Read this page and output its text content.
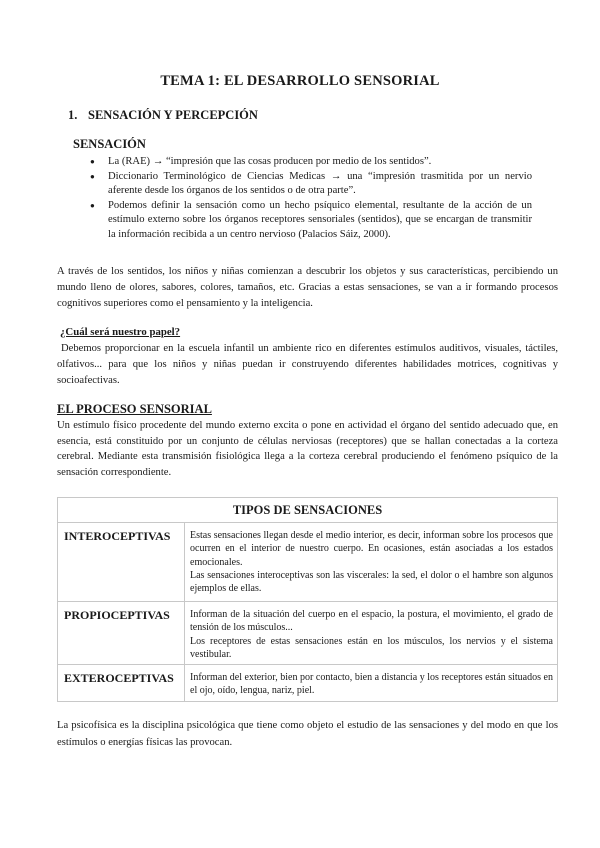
TEMA 1: EL DESARROLLO SENSORIAL
1. SENSACIÓN Y PERCEPCIÓN
SENSACIÓN
● La (RAE) → “impresión que las cosas producen por medio de los sentidos”.
● Diccionario Terminológico de Ciencias Medicas → una “impresión trasmitida por un nervio aferente desde los órganos de los sentidos o de otra parte”.
● Podemos definir la sensación como un hecho psíquico elemental, resultante de la acción de un estímulo externo sobre los órganos receptores sensoriales (sentidos), que se encargan de transmitir la información recibida a un centro nervioso (Palacios Sáiz, 2000).

A través de los sentidos, los niños y niñas comienzan a descubrir los objetos y sus características, percibiendo un mundo lleno de olores, sabores, colores, tamaños, etc. Gracias a estas sensaciones, se van a ir formando procesos cognitivos superiores como el pensamiento y la inteligencia.

¿Cuál será nuestro papel?

Debemos proporcionar en la escuela infantil un ambiente rico en diferentes estímulos auditivos, visuales, táctiles, olfativos... para que los niños y niñas puedan ir construyendo diferentes habilidades motrices, cognitivas y socioafectivas.

EL PROCESO SENSORIAL

Un estímulo físico procedente del mundo externo excita o pone en actividad el órgano del sentido adecuado que, en esencia, está constituido por un conjunto de células nerviosas (receptores) que se hallan conectadas a la corteza cerebral. Mediante esta transmisión fisiológica llega a la corteza cerebral produciendo el fenómeno psíquico de la sensación correspondiente.

TIPOS DE SENSACIONES	
INTEROCEPTIVAS	Estas sensaciones llegan desde el medio interior, es decir, informan sobre los procesos que ocurren en el interior de nuestro cuerpo. En ocasiones, están asociadas a los estados emocionales.
Las sensaciones interoceptivas son las viscerales: la sed, el dolor o el hambre son algunos ejemplos de ellas.

PROPIOCEPTIVAS	Informan de la situación del cuerpo en el espacio, la postura, el movimiento, el grado de tensión de los músculos...
Los receptores de estas sensaciones están en los músculos, los nervios y el sistema vestibular.

EXTEROCEPTIVAS	Informan del exterior, bien por contacto, bien a distancia y los receptores están situados en el ojo, oído, lengua, nariz, piel.

La psicofísica es la disciplina psicológica que tiene como objeto el estudio de las sensaciones y del modo en que los estímulos o energías físicas las provocan.
